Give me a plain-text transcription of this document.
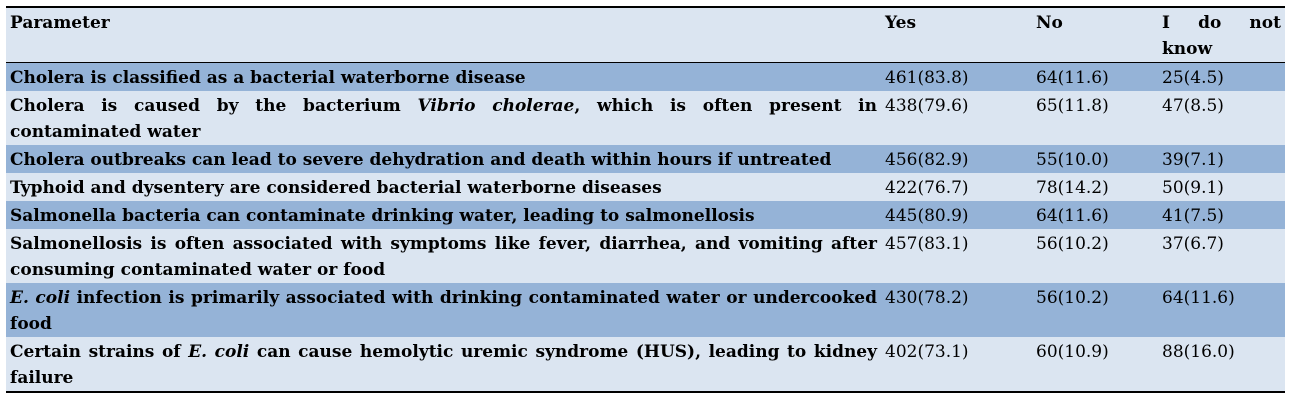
Parameter	Yes	No	I do not know
Cholera is classified as a bacterial waterborne disease	461(83.8)	64(11.6)	25(4.5)
Cholera is caused by the bacterium Vibrio cholerae, which is often present in contaminated water	438(79.6)	65(11.8)	47(8.5)
Cholera outbreaks can lead to severe dehydration and death within hours if untreated	456(82.9)	55(10.0)	39(7.1)
Typhoid and dysentery are considered bacterial waterborne diseases	422(76.7)	78(14.2)	50(9.1)
Salmonella bacteria can contaminate drinking water, leading to salmonellosis	445(80.9)	64(11.6)	41(7.5)
Salmonellosis is often associated with symptoms like fever, diarrhea, and vomiting after consuming contaminated water or food	457(83.1)	56(10.2)	37(6.7)
E. coli infection is primarily associated with drinking contaminated water or undercooked food	430(78.2)	56(10.2)	64(11.6)
Certain strains of E. coli can cause hemolytic uremic syndrome (HUS), leading to kidney failure	402(73.1)	60(10.9)	88(16.0)
